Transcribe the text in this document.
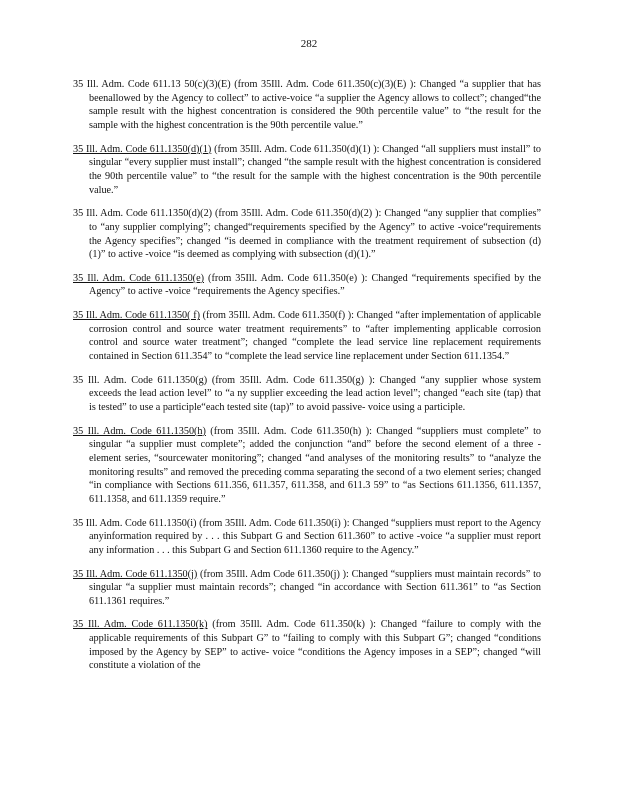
282

35 Ill. Adm. Code 611.13 50(c)(3)(E) (from 35Ill. Adm. Code 611.350(c)(3)(E) ): Changed “a supplier that has beenallowed by the Agency to collect” to active-voice “a supplier the Agency allows to collect”; changed“the sample result with the highest concentration is considered the 90th percentile value” to “the result for the sample with the highest concentration is the 90th percentile value.”

35 Ill. Adm. Code 611.1350(d)(1) (from 35Ill. Adm. Code 611.350(d)(1) ): Changed “all suppliers must install” to singular “every supplier must install”; changed “the sample result with the highest concentration is considered the 90th percentile value” to “the result for the sample with the highest concentration is the 90th percentile value.”

35 Ill. Adm. Code 611.1350(d)(2) (from 35Ill. Adm. Code 611.350(d)(2) ): Changed “any supplier that complies” to “any supplier complying”; changed“requirements specified by the Agency” to active -voice“requirements the Agency specifies”; changed “is deemed in compliance with the treatment requirement of subsection (d)(1)” to active -voice “is deemed as complying with subsection (d)(1).”

35 Ill. Adm. Code 611.1350(e) (from 35Ill. Adm. Code 611.350(e) ): Changed “requirements specified by the Agency” to active -voice “requirements the Agency specifies.”

35 Ill. Adm. Code 611.1350( f) (from 35Ill. Adm. Code 611.350(f) ): Changed “after implementation of applicable corrosion control and source water treatment requirements” to “after implementing applicable corrosion control and source water treatment”; changed “complete the lead service line replacement requirements contained in Section 611.354” to “complete the lead service line replacement under Section 611.1354.”

35 Ill. Adm. Code 611.1350(g) (from 35Ill. Adm. Code 611.350(g) ): Changed “any supplier whose system exceeds the lead action level” to “a ny supplier exceeding the lead action level”; changed “each site (tap) that is tested” to use a participle“each tested site (tap)” to avoid passive- voice using a participle.

35 Ill. Adm. Code 611.1350(h) (from 35Ill. Adm. Code 611.350(h) ): Changed “suppliers must complete” to singular “a supplier must complete”; added the conjunction “and” before the second element of a three -element series, “sourcewater monitoring”; changed “and analyses of the monitoring results” to “analyze the monitoring results” and removed the preceding comma separating the second of a two element series; changed “in compliance with Sections 611.356, 611.357, 611.358, and 611.3 59” to “as Sections 611.1356, 611.1357, 611.1358, and 611.1359 require.”

35 Ill. Adm. Code 611.1350(i) (from 35Ill. Adm. Code 611.350(i) ): Changed “suppliers must report to the Agency anyinformation required by . . . this Subpart G and Section 611.360” to active -voice “a supplier must report any information . . . this Subpart G and Section 611.1360 require to the Agency.”

35 Ill. Adm. Code 611.1350(j) (from 35Ill. Adm Code 611.350(j) ): Changed “suppliers must maintain records” to singular “a supplier must maintain records”; changed “in accordance with Section 611.361” to “as Section 611.1361 requires.”

35 Ill. Adm. Code 611.1350(k) (from 35Ill. Adm. Code 611.350(k) ): Changed “failure to comply with the applicable requirements of this Subpart G” to “failing to comply with this Subpart G”; changed “conditions imposed by the Agency by SEP” to active- voice “conditions the Agency imposes in a SEP”; changed “will constitute a violation of the
